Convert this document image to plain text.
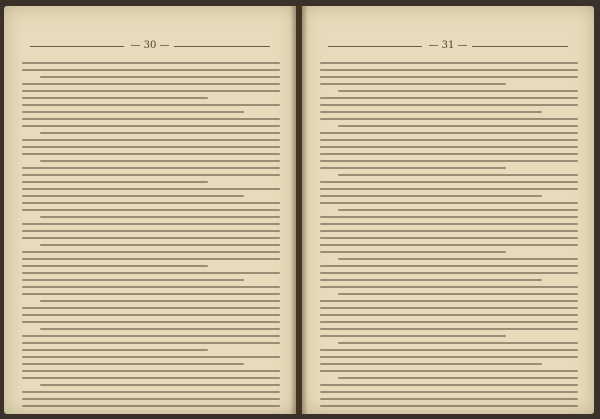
— 30 —	— 31 —
